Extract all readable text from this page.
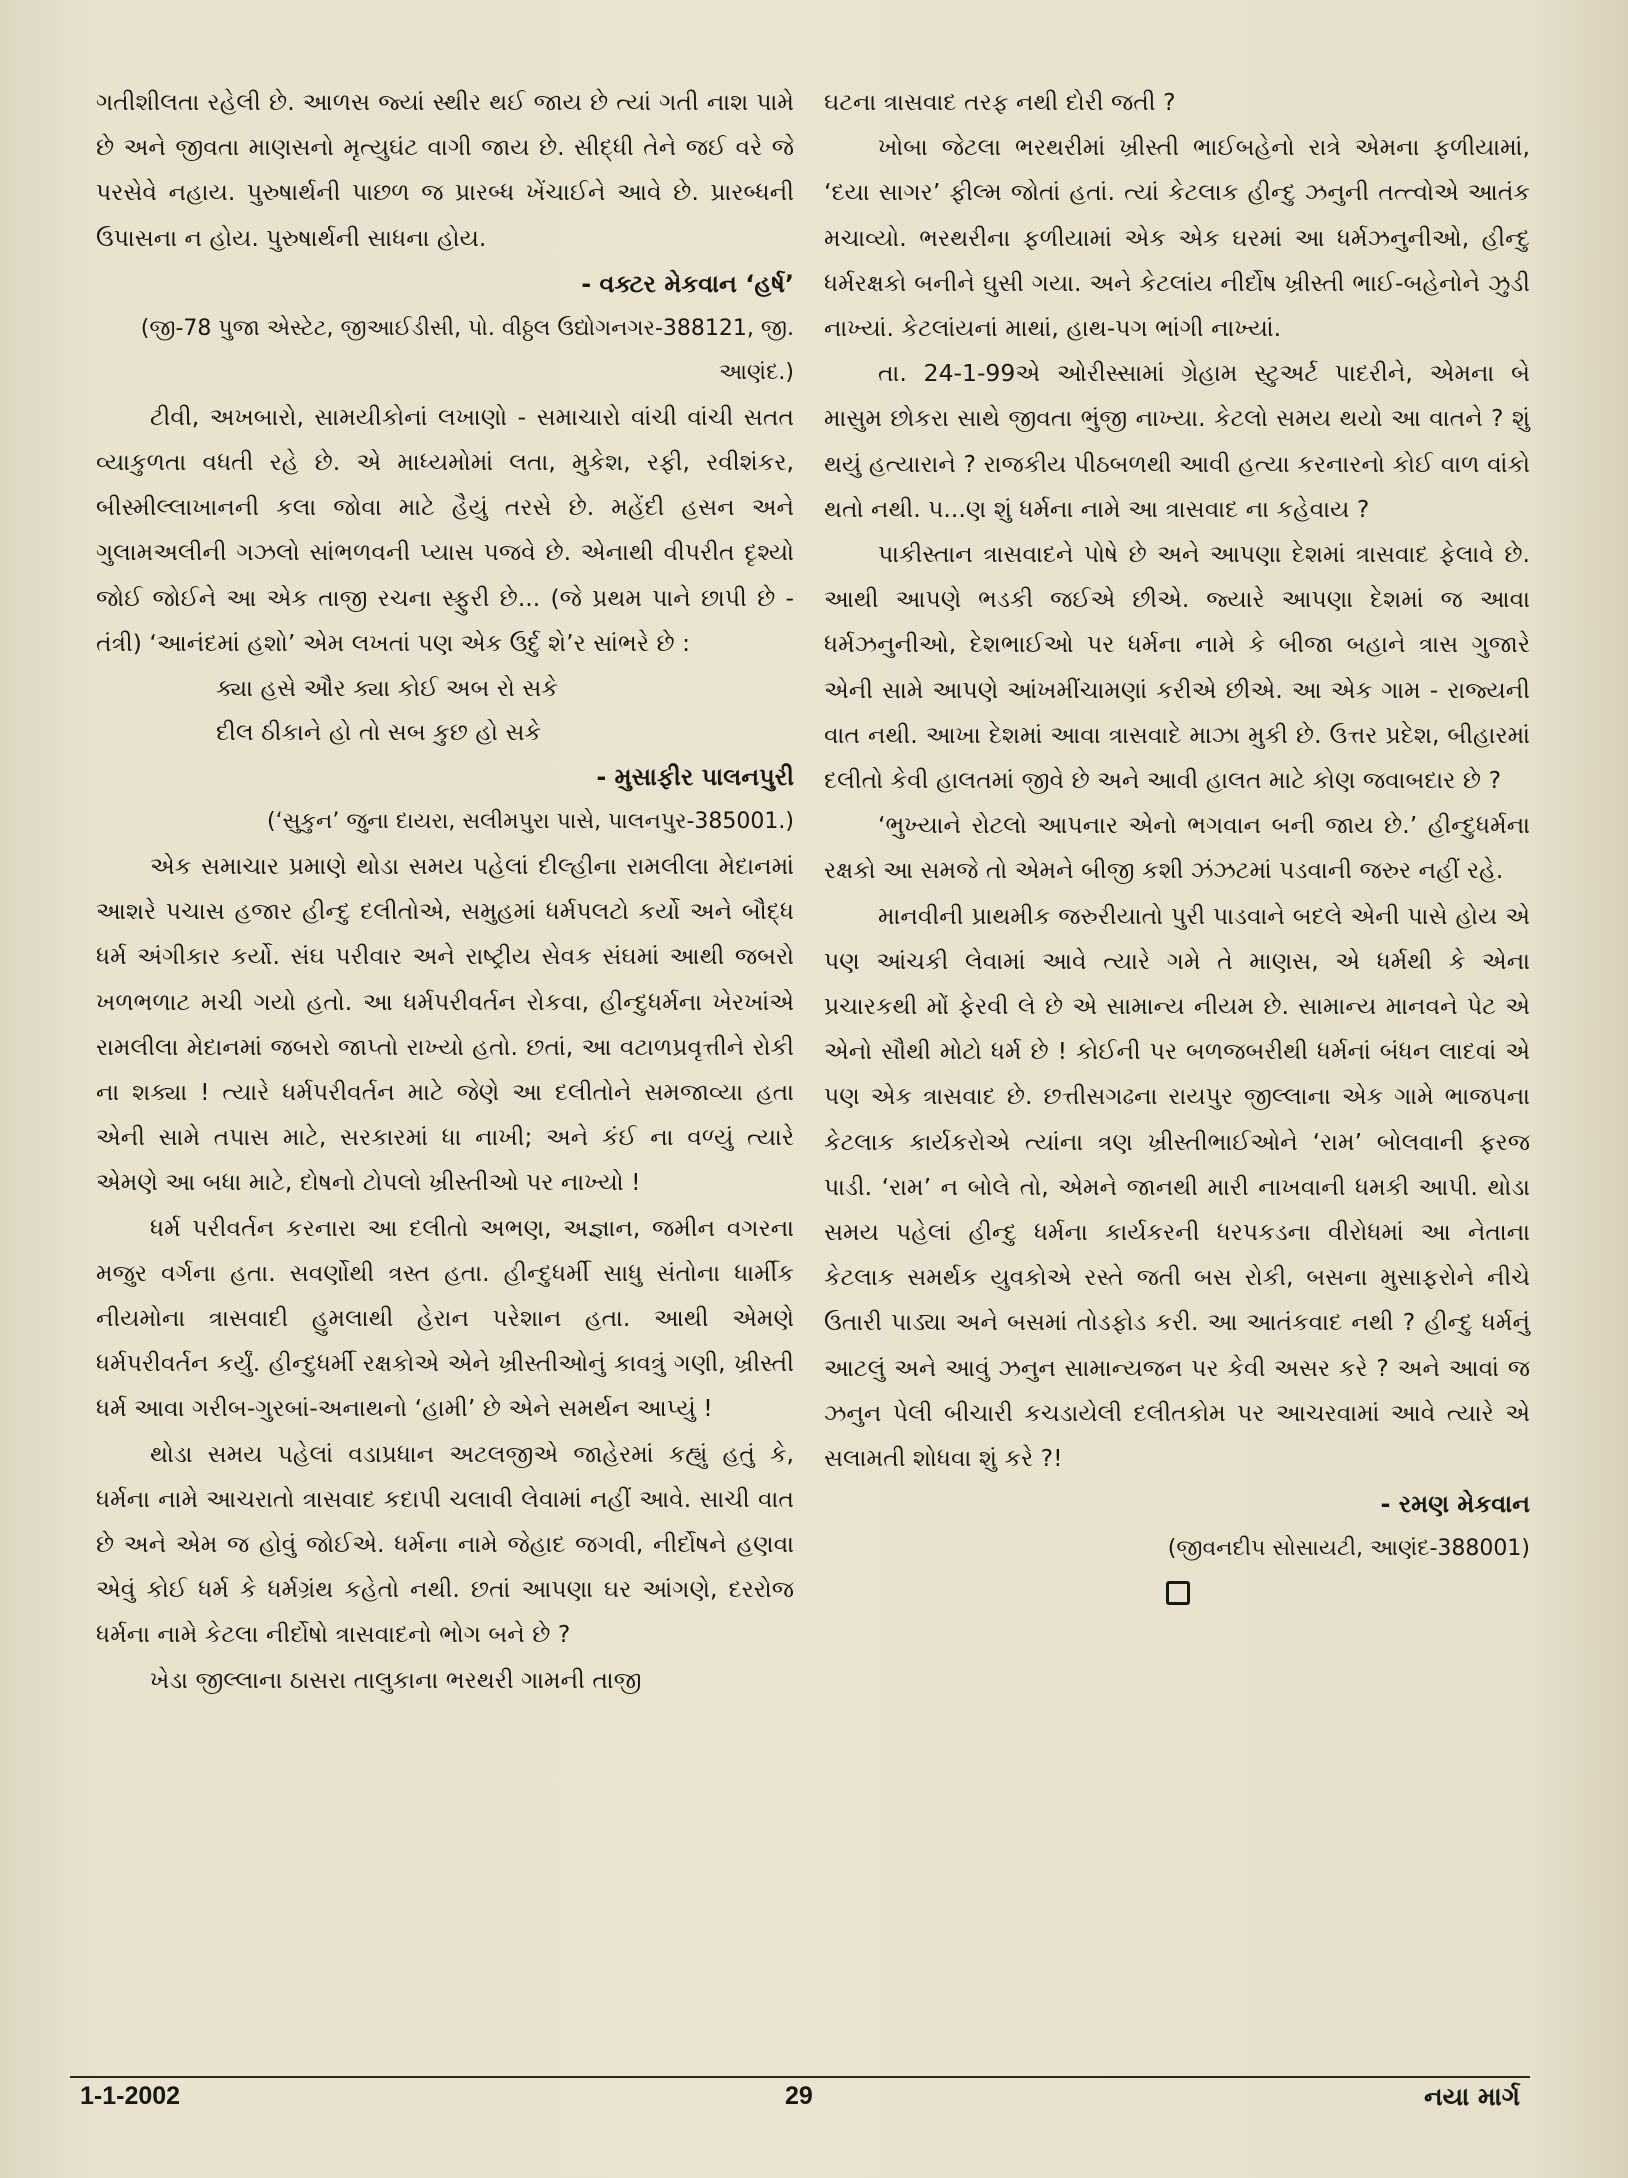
ગતીશીલતા રહેલી છે. આળસ જ્યાં સ્થીર થઈ જાય છે ત્યાં ગતી નાશ પામે છે અને જીવતા માણસનો મૃત્યુઘંટ વાગી જાય છે. સીદ્ધી તેને જઈ વરે જે પરસેવે નહાય. પુરુષાર્થની પાછળ જ પ્રારબ્ધ ખેંચાઈને આવે છે. પ્રારબ્ધની ઉપાસના ન હોય. પુરુષાર્થની સાધના હોય.

- વક્ટર મેકવાન ‘હર્ષ’

(જી-78 પુજા એસ્ટેટ, જીઆઈડીસી, પો. વીઠ્ઠલ ઉદ્યોગનગર-388121, જી. આણંદ.)

ટીવી, અખબારો, સામયીકોનાં લખાણો - સમાચારો વાંચી વાંચી સતત વ્યાકુળતા વધતી રહે છે. એ માધ્યમોમાં લતા, મુકેશ, રફી, રવીશંકર, બીસ્મીલ્લાખાનની કલા જોવા માટે હૈયું તરસે છે. મહેંદી હસન અને ગુલામઅલીની ગઝલો સાંભળવની પ્યાસ પજવે છે. એનાથી વીપરીત દૃશ્યો જોઈ જોઈને આ એક તાજી રચના સ્ફુરી છે... (જે પ્રથમ પાને છાપી છે - તંત્રી) ‘આનંદમાં હશો’ એમ લખતાં પણ એક ઉર્દુ શે’ર સાંભરે છે :

ક્યા હસે ઔર ક્યા કોઈ અબ રો સકે

દીલ ઠીકાને હો તો સબ કુછ હો સકે

- મુસાફીર પાલનપુરી

(‘સુકુન’ જુના દાયરા, સલીમપુરા પાસે, પાલનપુર-385001.)

એક સમાચાર પ્રમાણે થોડા સમય પહેલાં દીલ્હીના રામલીલા મેદાનમાં આશરે પચાસ હજાર હીન્દુ દલીતોએ, સમુહમાં ધર્મપલટો કર્યો અને બૌદ્ધ ધર્મ અંગીકાર કર્યો. સંઘ પરીવાર અને રાષ્ટ્રીય સેવક સંઘમાં આથી જબરો ખળભળાટ મચી ગયો હતો. આ ધર્મપરીવર્તન રોકવા, હીન્દુધર્મના ખેરખાંએ રામલીલા મેદાનમાં જબરો જાપ્તો રાખ્યો હતો. છતાં, આ વટાળપ્રવૃત્તીને રોકી ના શક્યા ! ત્યારે ધર્મપરીવર્તન માટે જેણે આ દલીતોને સમજાવ્યા હતા એની સામે તપાસ માટે, સરકારમાં ધા નાખી; અને કંઈ ના વળ્યું ત્યારે એમણે આ બધા માટે, દોષનો ટોપલો ખ્રીસ્તીઓ પર નાખ્યો !

ધર્મ પરીવર્તન કરનારા આ દલીતો અભણ, અજ્ઞાન, જમીન વગરના મજુર વર્ગના હતા. સવર્ણોથી ત્રસ્ત હતા. હીન્દુધર્મી સાધુ સંતોના ધાર્મીક નીયમોના ત્રાસવાદી હુમલાથી હેરાન પરેશાન હતા. આથી એમણે ધર્મપરીવર્તન કર્યું. હીન્દુધર્મી રક્ષકોએ એને ખ્રીસ્તીઓનું કાવત્રું ગણી, ખ્રીસ્તી ધર્મ આવા ગરીબ-ગુરબાં-અનાથનો ‘હામી’ છે એને સમર્થન આપ્યું !

થોડા સમય પહેલાં વડાપ્રધાન અટલજીએ જાહેરમાં કહ્યું હતું કે, ધર્મના નામે આચરાતો ત્રાસવાદ કદાપી ચલાવી લેવામાં નહીં આવે. સાચી વાત છે અને એમ જ હોવું જોઈએ. ધર્મના નામે જેહાદ જગવી, નીર્દોષને હણવા એવું કોઈ ધર્મ કે ધર્મગ્રંથ કહેતો નથી. છતાં આપણા ઘર આંગણે, દરરોજ ધર્મના નામે કેટલા નીર્દોષો ત્રાસવાદનો ભોગ બને છે ?

ખેડા જીલ્લાના ઠાસરા તાલુકાના ભરથરી ગામની તાજી

ઘટના ત્રાસવાદ તરફ નથી દોરી જતી ?

ખોબા જેટલા ભરથરીમાં ખ્રીસ્તી ભાઈબહેનો રાત્રે એમના ફળીયામાં, ‘દયા સાગર’ ફીલ્મ જોતાં હતાં. ત્યાં કેટલાક હીન્દુ ઝનુની તત્ત્વોએ આતંક મચાવ્યો. ભરથરીના ફળીયામાં એક એક ઘરમાં આ ધર્મઝનુનીઓ, હીન્દુ ધર્મરક્ષકો બનીને ઘુસી ગયા. અને કેટલાંય નીર્દોષ ખ્રીસ્તી ભાઈ-બહેનોને ઝુડી નાખ્યાં. કેટલાંયનાં માથાં, હાથ-પગ ભાંગી નાખ્યાં.

તા. 24-1-99એ ઓરીસ્સામાં ગ્રેહામ સ્ટુઅર્ટ પાદરીને, એમના બે માસુમ છોકરા સાથે જીવતા ભુંજી નાખ્યા. કેટલો સમય થયો આ વાતને ? શું થયું હત્યારાને ? રાજકીય પીઠબળથી આવી હત્યા કરનારનો કોઈ વાળ વાંકો થતો નથી. પ...ણ શું ધર્મના નામે આ ત્રાસવાદ ના કહેવાય ?

પાકીસ્તાન ત્રાસવાદને પોષે છે અને આપણા દેશમાં ત્રાસવાદ ફેલાવે છે. આથી આપણે ભડકી જઈએ છીએ. જ્યારે આપણા દેશમાં જ આવા ધર્મઝનુનીઓ, દેશભાઈઓ પર ધર્મના નામે કે બીજા બહાને ત્રાસ ગુજારે એની સામે આપણે આંખમીંચામણાં કરીએ છીએ. આ એક ગામ - રાજ્યની વાત નથી. આખા દેશમાં આવા ત્રાસવાદે માઝા મુકી છે. ઉત્તર પ્રદેશ, બીહારમાં દલીતો કેવી હાલતમાં જીવે છે અને આવી હાલત માટે કોણ જવાબદાર છે ?

‘ભુખ્યાને રોટલો આપનાર એનો ભગવાન બની જાય છે.’ હીન્દુધર્મના રક્ષકો આ સમજે તો એમને બીજી કશી ઝંઝટમાં પડવાની જરુર નહીં રહે.

માનવીની પ્રાથમીક જરુરીયાતો પુરી પાડવાને બદલે એની પાસે હોય એ પણ આંચકી લેવામાં આવે ત્યારે ગમે તે માણસ, એ ધર્મથી કે એના પ્રચારકથી મોં ફેરવી લે છે એ સામાન્ય નીયમ છે. સામાન્ય માનવને પેટ એ એનો સૌથી મોટો ધર્મ છે ! કોઈની પર બળજબરીથી ધર્મનાં બંધન લાદવાં એ પણ એક ત્રાસવાદ છે. છત્તીસગઢના રાયપુર જીલ્લાના એક ગામે ભાજપના કેટલાક કાર્યકરોએ ત્યાંના ત્રણ ખ્રીસ્તીભાઈઓને ‘રામ’ બોલવાની ફરજ પાડી. ‘રામ’ ન બોલે તો, એમને જાનથી મારી નાખવાની ધમકી આપી. થોડા સમય પહેલાં હીન્દુ ધર્મના કાર્યકરની ધરપકડના વીરોધમાં આ નેતાના કેટલાક સમર્થક યુવકોએ રસ્તે જતી બસ રોકી, બસના મુસાફરોને નીચે ઉતારી પાડ્યા અને બસમાં તોડફોડ કરી. આ આતંકવાદ નથી ? હીન્દુ ધર્મનું આટલું અને આવું ઝનુન સામાન્યજન પર કેવી અસર કરે ? અને આવાં જ ઝનુન પેલી બીચારી કચડાયેલી દલીતકોમ પર આચરવામાં આવે ત્યારે એ સલામતી શોધવા શું કરે ?!

- રમણ મેકવાન

(જીવનદીપ સોસાયટી, આણંદ-388001)

1-1-2002	29	નયા માર્ગ
